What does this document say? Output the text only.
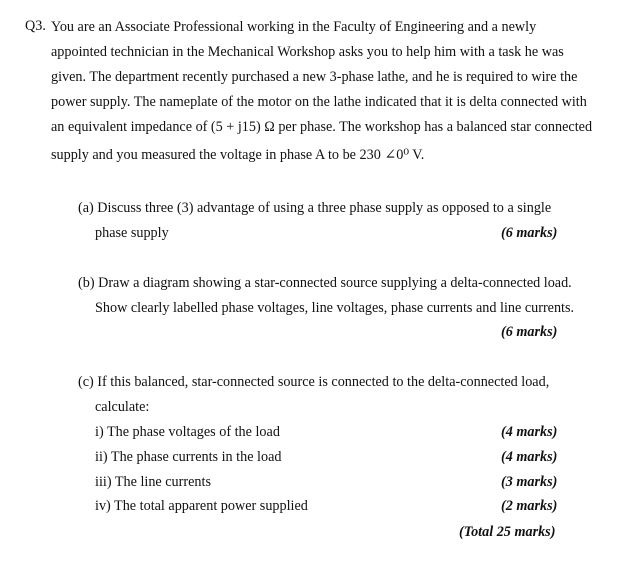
Q3. You are an Associate Professional working in the Faculty of Engineering and a newly
appointed technician in the Mechanical Workshop asks you to help him with a task he was
given. The department recently purchased a new 3-phase lathe, and he is required to wire the
power supply. The nameplate of the motor on the lathe indicated that it is delta connected with
an equivalent impedance of (5 + j15) Ω per phase. The workshop has a balanced star connected
supply and you measured the voltage in phase A to be 230 ∠0⁰ V.
(a) Discuss three (3) advantage of using a three phase supply as opposed to a single
phase supply	(6 marks)
(b) Draw a diagram showing a star-connected source supplying a delta-connected load.
Show clearly labelled phase voltages, line voltages, phase currents and line currents.
(6 marks)
(c) If this balanced, star-connected source is connected to the delta-connected load,
calculate:
i) The phase voltages of the load	(4 marks)
ii) The phase currents in the load	(4 marks)
iii) The line currents	(3 marks)
iv) The total apparent power supplied	(2 marks)
(Total 25 marks)
